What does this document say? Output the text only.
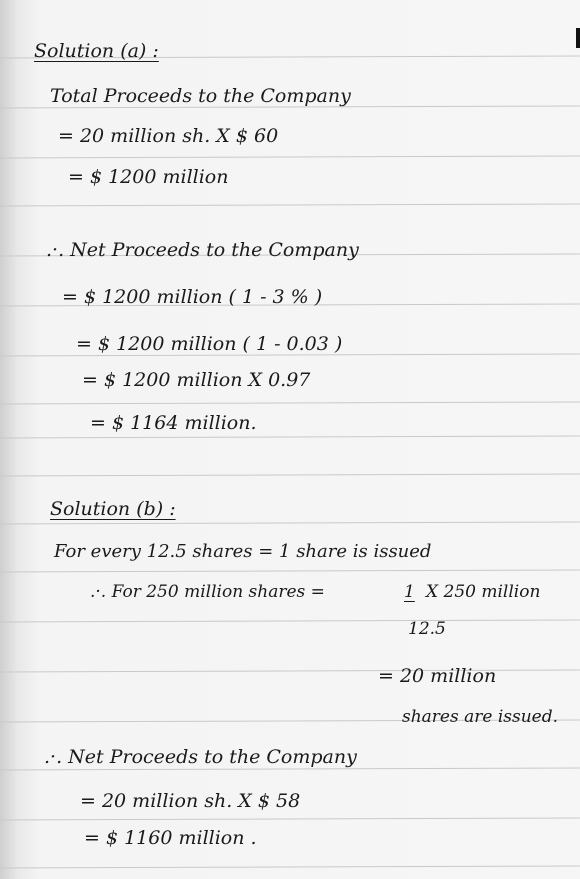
Solution (a) :
Total Proceeds to the Company
= 20 million sh. X $ 60
= $ 1200 million
.·. Net Proceeds to the Company
= $ 1200 million ( 1 - 3 % )
= $ 1200 million ( 1 - 0.03 )
= $ 1200 million X 0.97
= $ 1164 million.
Solution (b) :
For every 12.5 shares = 1 share is issued
.·. For 250 million shares =	1 X 250 million
12.5
= 20 million
shares are issued.
.·. Net Proceeds to the Company
= 20 million sh. X $ 58
= $ 1160 million .
